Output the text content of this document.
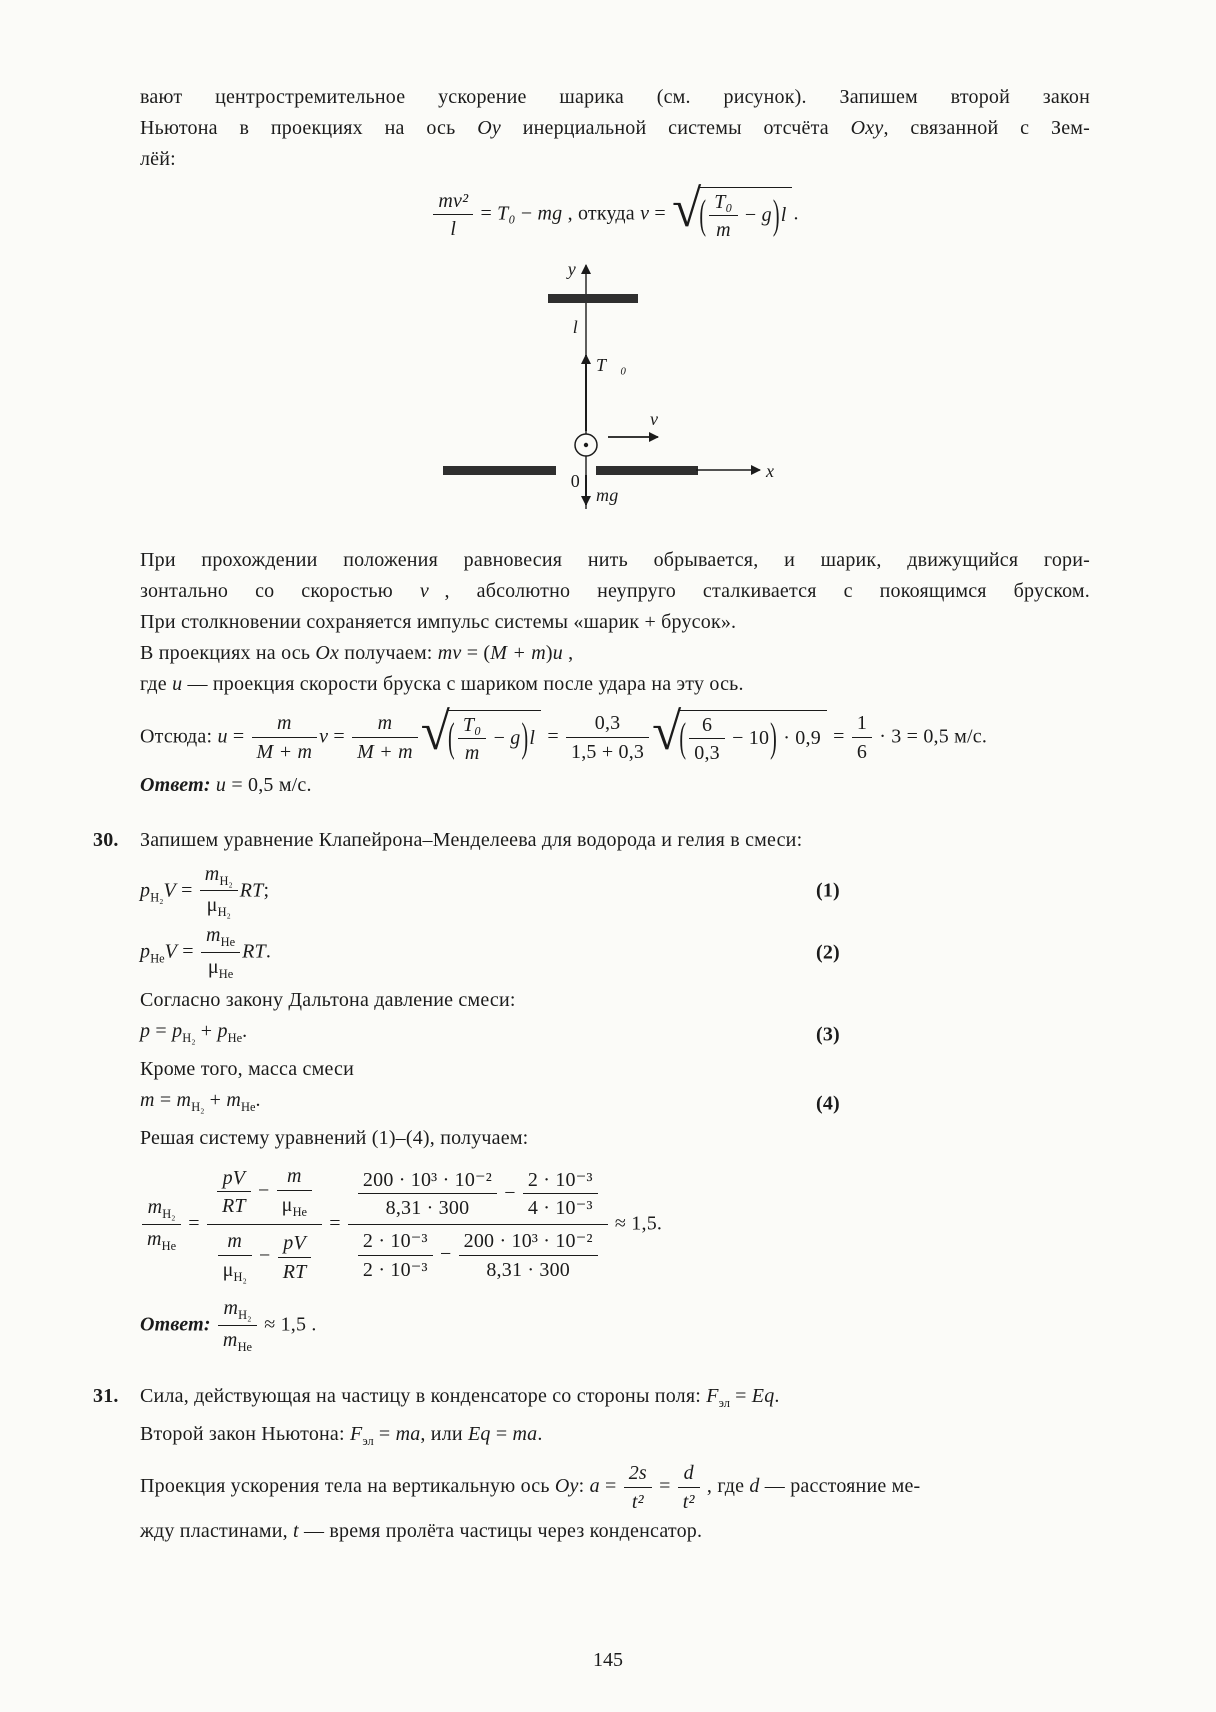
вают центростремительное ускорение шарика (см. рисунок). Запишем второй закон
Ньютона в проекциях на ось Oy инерциальной системы отсчёта Oxy, связанной с Зем-
лёй:
$\frac{\text{mv²}}{l} = T_0$ − mg , откуда v = √
( $\frac{\text{T₀}}{m} - g)l$ .
y
l
T⃗₀
v⃗
0	x
mg⃗
При прохождении положения равновесия нить обрывается, и шарик, движущийся гори-
зонтально со скоростью v⃗, абсолютно неупруго сталкивается с покоящимся бруском.
При столкновении сохраняется импульс системы «шарик + брусок».
В проекциях на ось Ox получаем: mv = (M + m)u ,
где u — проекция скорости бруска с шариком после удара на эту ось.
Отсюда: $u = \frac{m}{M + m}$ $v = \frac{m}{M + m}$ √
( $\frac{\text{T₀}}{m} - g)l = \frac{0,3}{1,5 + 0,3}$ √
( $\frac{6}{0,3} - 10) \cdot 0,9 = \frac{1}{6} \cdot 3 = 0,5$ м/с.
Ответ: u = 0,5 м/с.
30. Запишем уравнение Клапейрона–Менделеева для водорода и гелия в смеси:
$p_{H_2}V = \frac{m_{H_2}}{\mu_{H_2}}$ RT;	(1)
$p_{He}V = \frac{m_{He}}{\mu_{He}}$ RT.	(2)
Согласно закону Дальтона давление смеси:
$p = p_{H_2} + p_{He}$.	(3)
Кроме того, масса смеси
$m = m_{H_2} + m_{He}$.	(4)
Решая систему уравнений (1)–(4), получаем:
$\frac{m_{H_2}}{m_{He}} = \frac{\frac{pV}{RT} - \frac{m}{\mu_{He}}}{\frac{m}{\mu_{H_2}} - \frac{pV}{RT}} = \frac{\frac{\text{200 · 10³ · 10⁻²}}{8,31 \cdot 300} - \frac{\text{2 · 10⁻³}}{\text{4 · 10⁻³}}}{\frac{\text{2 · 10⁻³}}{\text{2 · 10⁻³}} - \frac{\text{200 · 10³ · 10⁻²}}{8,31 \cdot 300}} \approx 1,5$.
Ответ: $\frac{m_{H_2}}{m_{He}} \approx 1,5$ .
31. Сила, действующая на частицу в конденсаторе со стороны поля: $F_{эл} = Eq$.
Второй закон Ньютона: $F_{эл}$ = ma, или Eq = ma.
Проекция ускорения тела на вертикальную ось Oy: $a = \frac{2s}{\text{t²}} = \frac{d}{\text{t²}}$ , где d — расстояние ме-
жду пластинами, t — время пролёта частицы через конденсатор.
145
